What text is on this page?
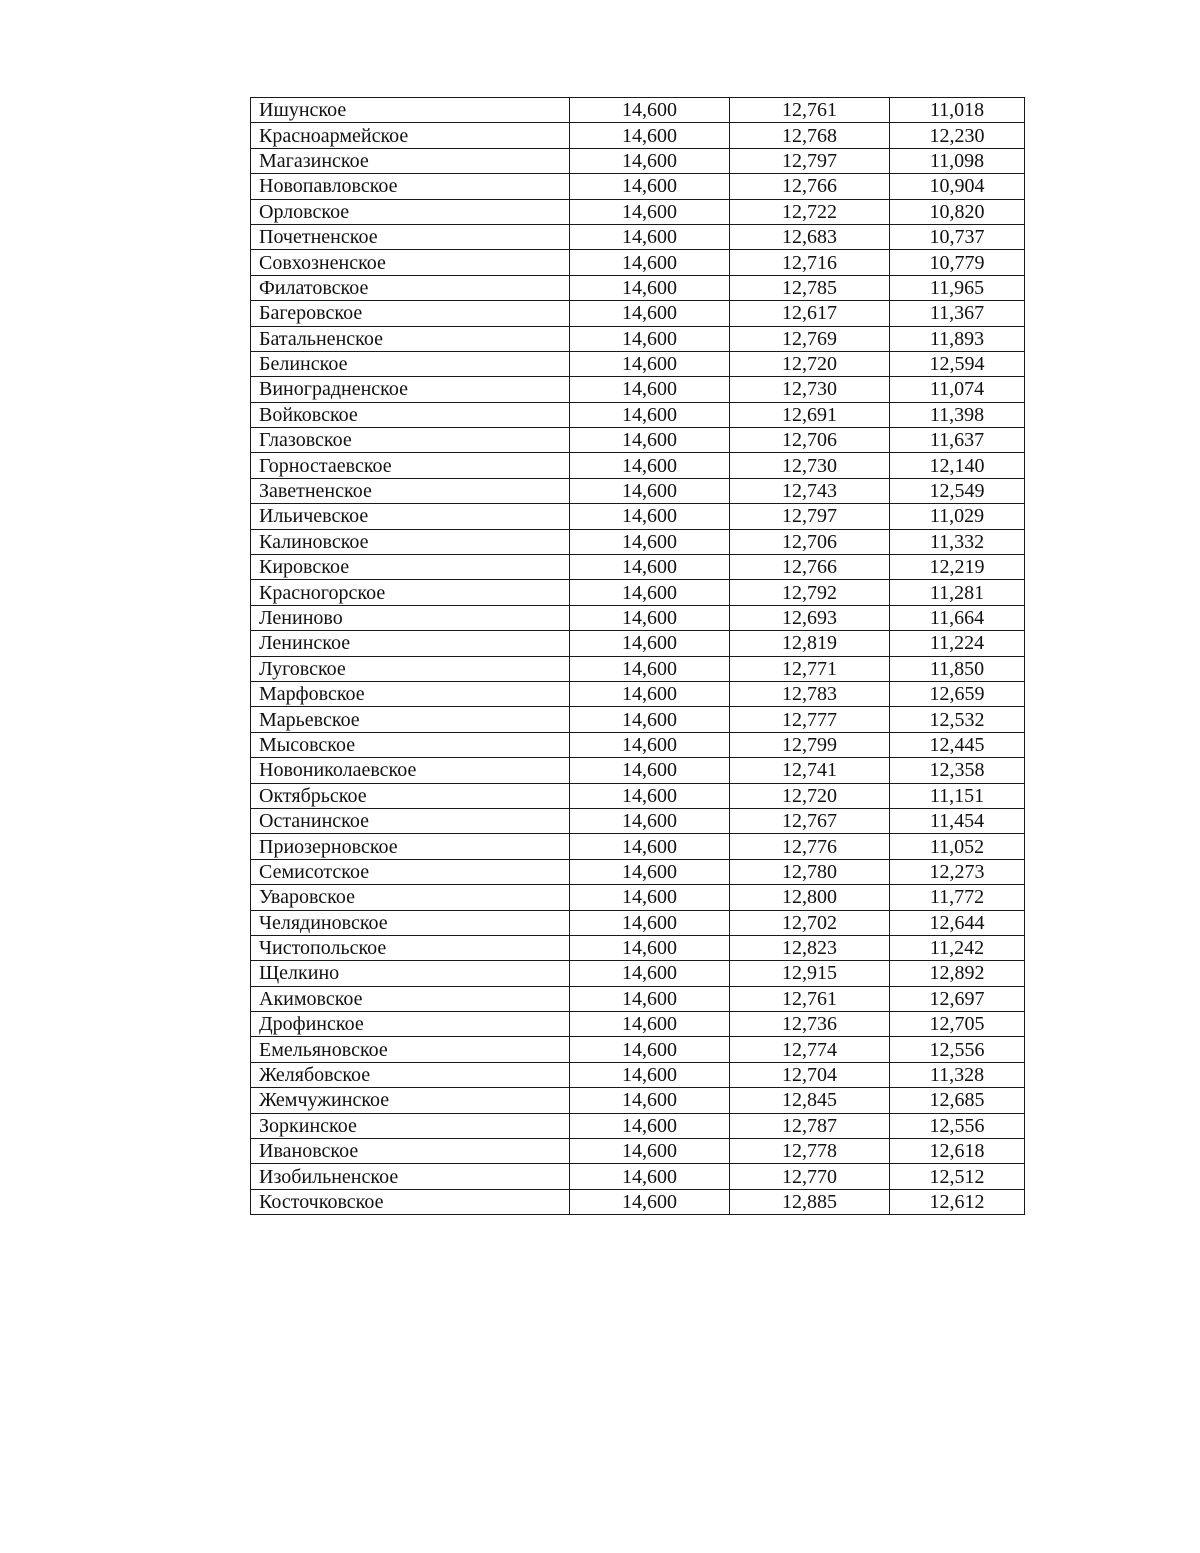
Ишунское	14,600	12,761	11,018
Красноармейское	14,600	12,768	12,230
Магазинское	14,600	12,797	11,098
Новопавловское	14,600	12,766	10,904
Орловское	14,600	12,722	10,820
Почетненское	14,600	12,683	10,737
Совхозненское	14,600	12,716	10,779
Филатовское	14,600	12,785	11,965
Багеровское	14,600	12,617	11,367
Батальненское	14,600	12,769	11,893
Белинское	14,600	12,720	12,594
Виноградненское	14,600	12,730	11,074
Войковское	14,600	12,691	11,398
Глазовское	14,600	12,706	11,637
Горностаевское	14,600	12,730	12,140
Заветненское	14,600	12,743	12,549
Ильичевское	14,600	12,797	11,029
Калиновское	14,600	12,706	11,332
Кировское	14,600	12,766	12,219
Красногорское	14,600	12,792	11,281
Лениново	14,600	12,693	11,664
Ленинское	14,600	12,819	11,224
Луговское	14,600	12,771	11,850
Марфовское	14,600	12,783	12,659
Марьевское	14,600	12,777	12,532
Мысовское	14,600	12,799	12,445
Новониколаевское	14,600	12,741	12,358
Октябрьское	14,600	12,720	11,151
Останинское	14,600	12,767	11,454
Приозерновское	14,600	12,776	11,052
Семисотское	14,600	12,780	12,273
Уваровское	14,600	12,800	11,772
Челядиновское	14,600	12,702	12,644
Чистопольское	14,600	12,823	11,242
Щелкино	14,600	12,915	12,892
Акимовское	14,600	12,761	12,697
Дрофинское	14,600	12,736	12,705
Емельяновское	14,600	12,774	12,556
Желябовское	14,600	12,704	11,328
Жемчужинское	14,600	12,845	12,685
Зоркинское	14,600	12,787	12,556
Ивановское	14,600	12,778	12,618
Изобильненское	14,600	12,770	12,512
Косточковское	14,600	12,885	12,612
